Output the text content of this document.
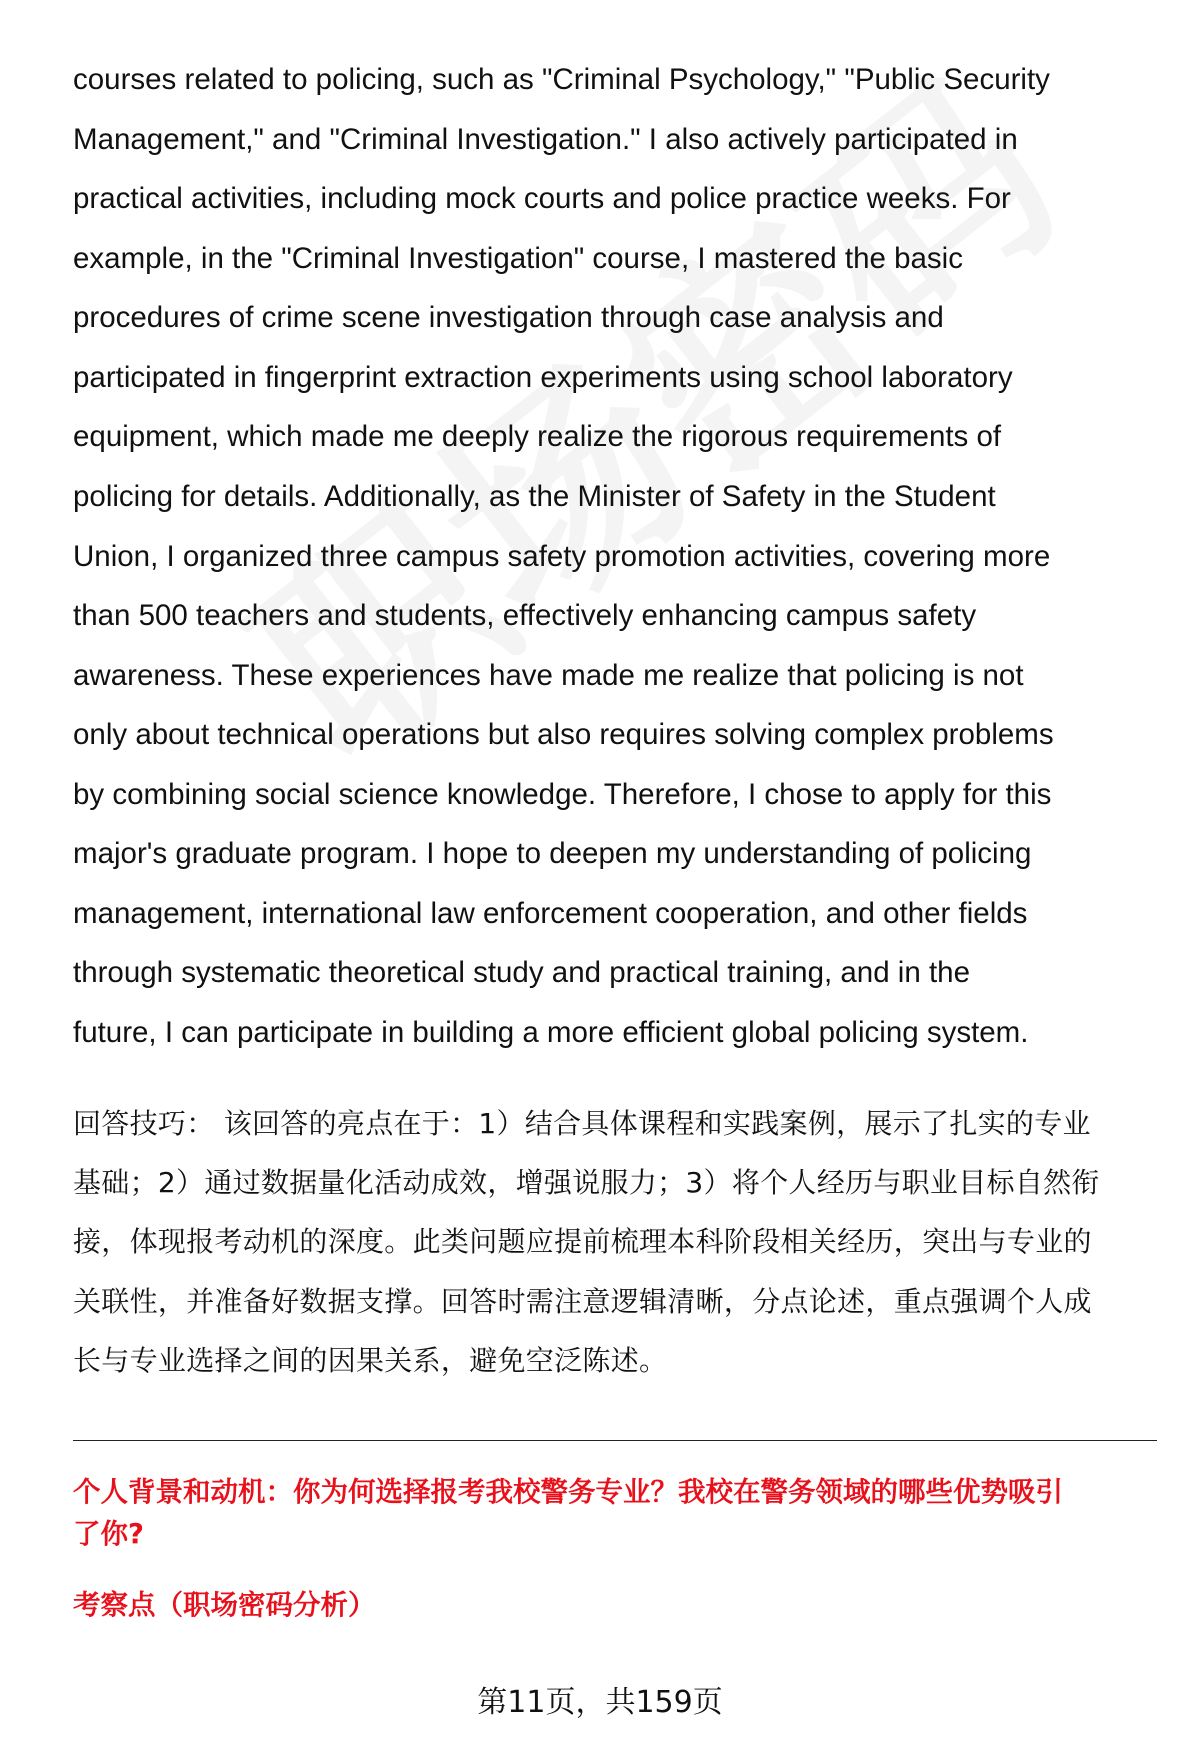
courses related to policing, such as "Criminal Psychology," "Public Security
Management," and "Criminal Investigation." I also actively participated in
practical activities, including mock courts and police practice weeks. For
example, in the "Criminal Investigation" course, I mastered the basic
procedures of crime scene investigation through case analysis and
participated in fingerprint extraction experiments using school laboratory
equipment, which made me deeply realize the rigorous requirements of
policing for details. Additionally, as the Minister of Safety in the Student
Union, I organized three campus safety promotion activities, covering more
than 500 teachers and students, effectively enhancing campus safety
awareness. These experiences have made me realize that policing is not
only about technical operations but also requires solving complex problems
by combining social science knowledge. Therefore, I chose to apply for this
major's graduate program. I hope to deepen my understanding of policing
management, international law enforcement cooperation, and other fields
through systematic theoretical study and practical training, and in the
future, I can participate in building a more efficient global policing system.
回答技巧： 该回答的亮点在于：1）结合具体课程和实践案例，展示了扎实的专业
基础；2）通过数据量化活动成效，增强说服力；3）将个人经历与职业目标自然衔
接，体现报考动机的深度。此类问题应提前梳理本科阶段相关经历，突出与专业的
关联性，并准备好数据支撑。回答时需注意逻辑清晰，分点论述，重点强调个人成
长与专业选择之间的因果关系，避免空泛陈述。
个人背景和动机：你为何选择报考我校警务专业？我校在警务领域的哪些优势吸引
了你?
考察点（职场密码分析）
第11页，共159页
